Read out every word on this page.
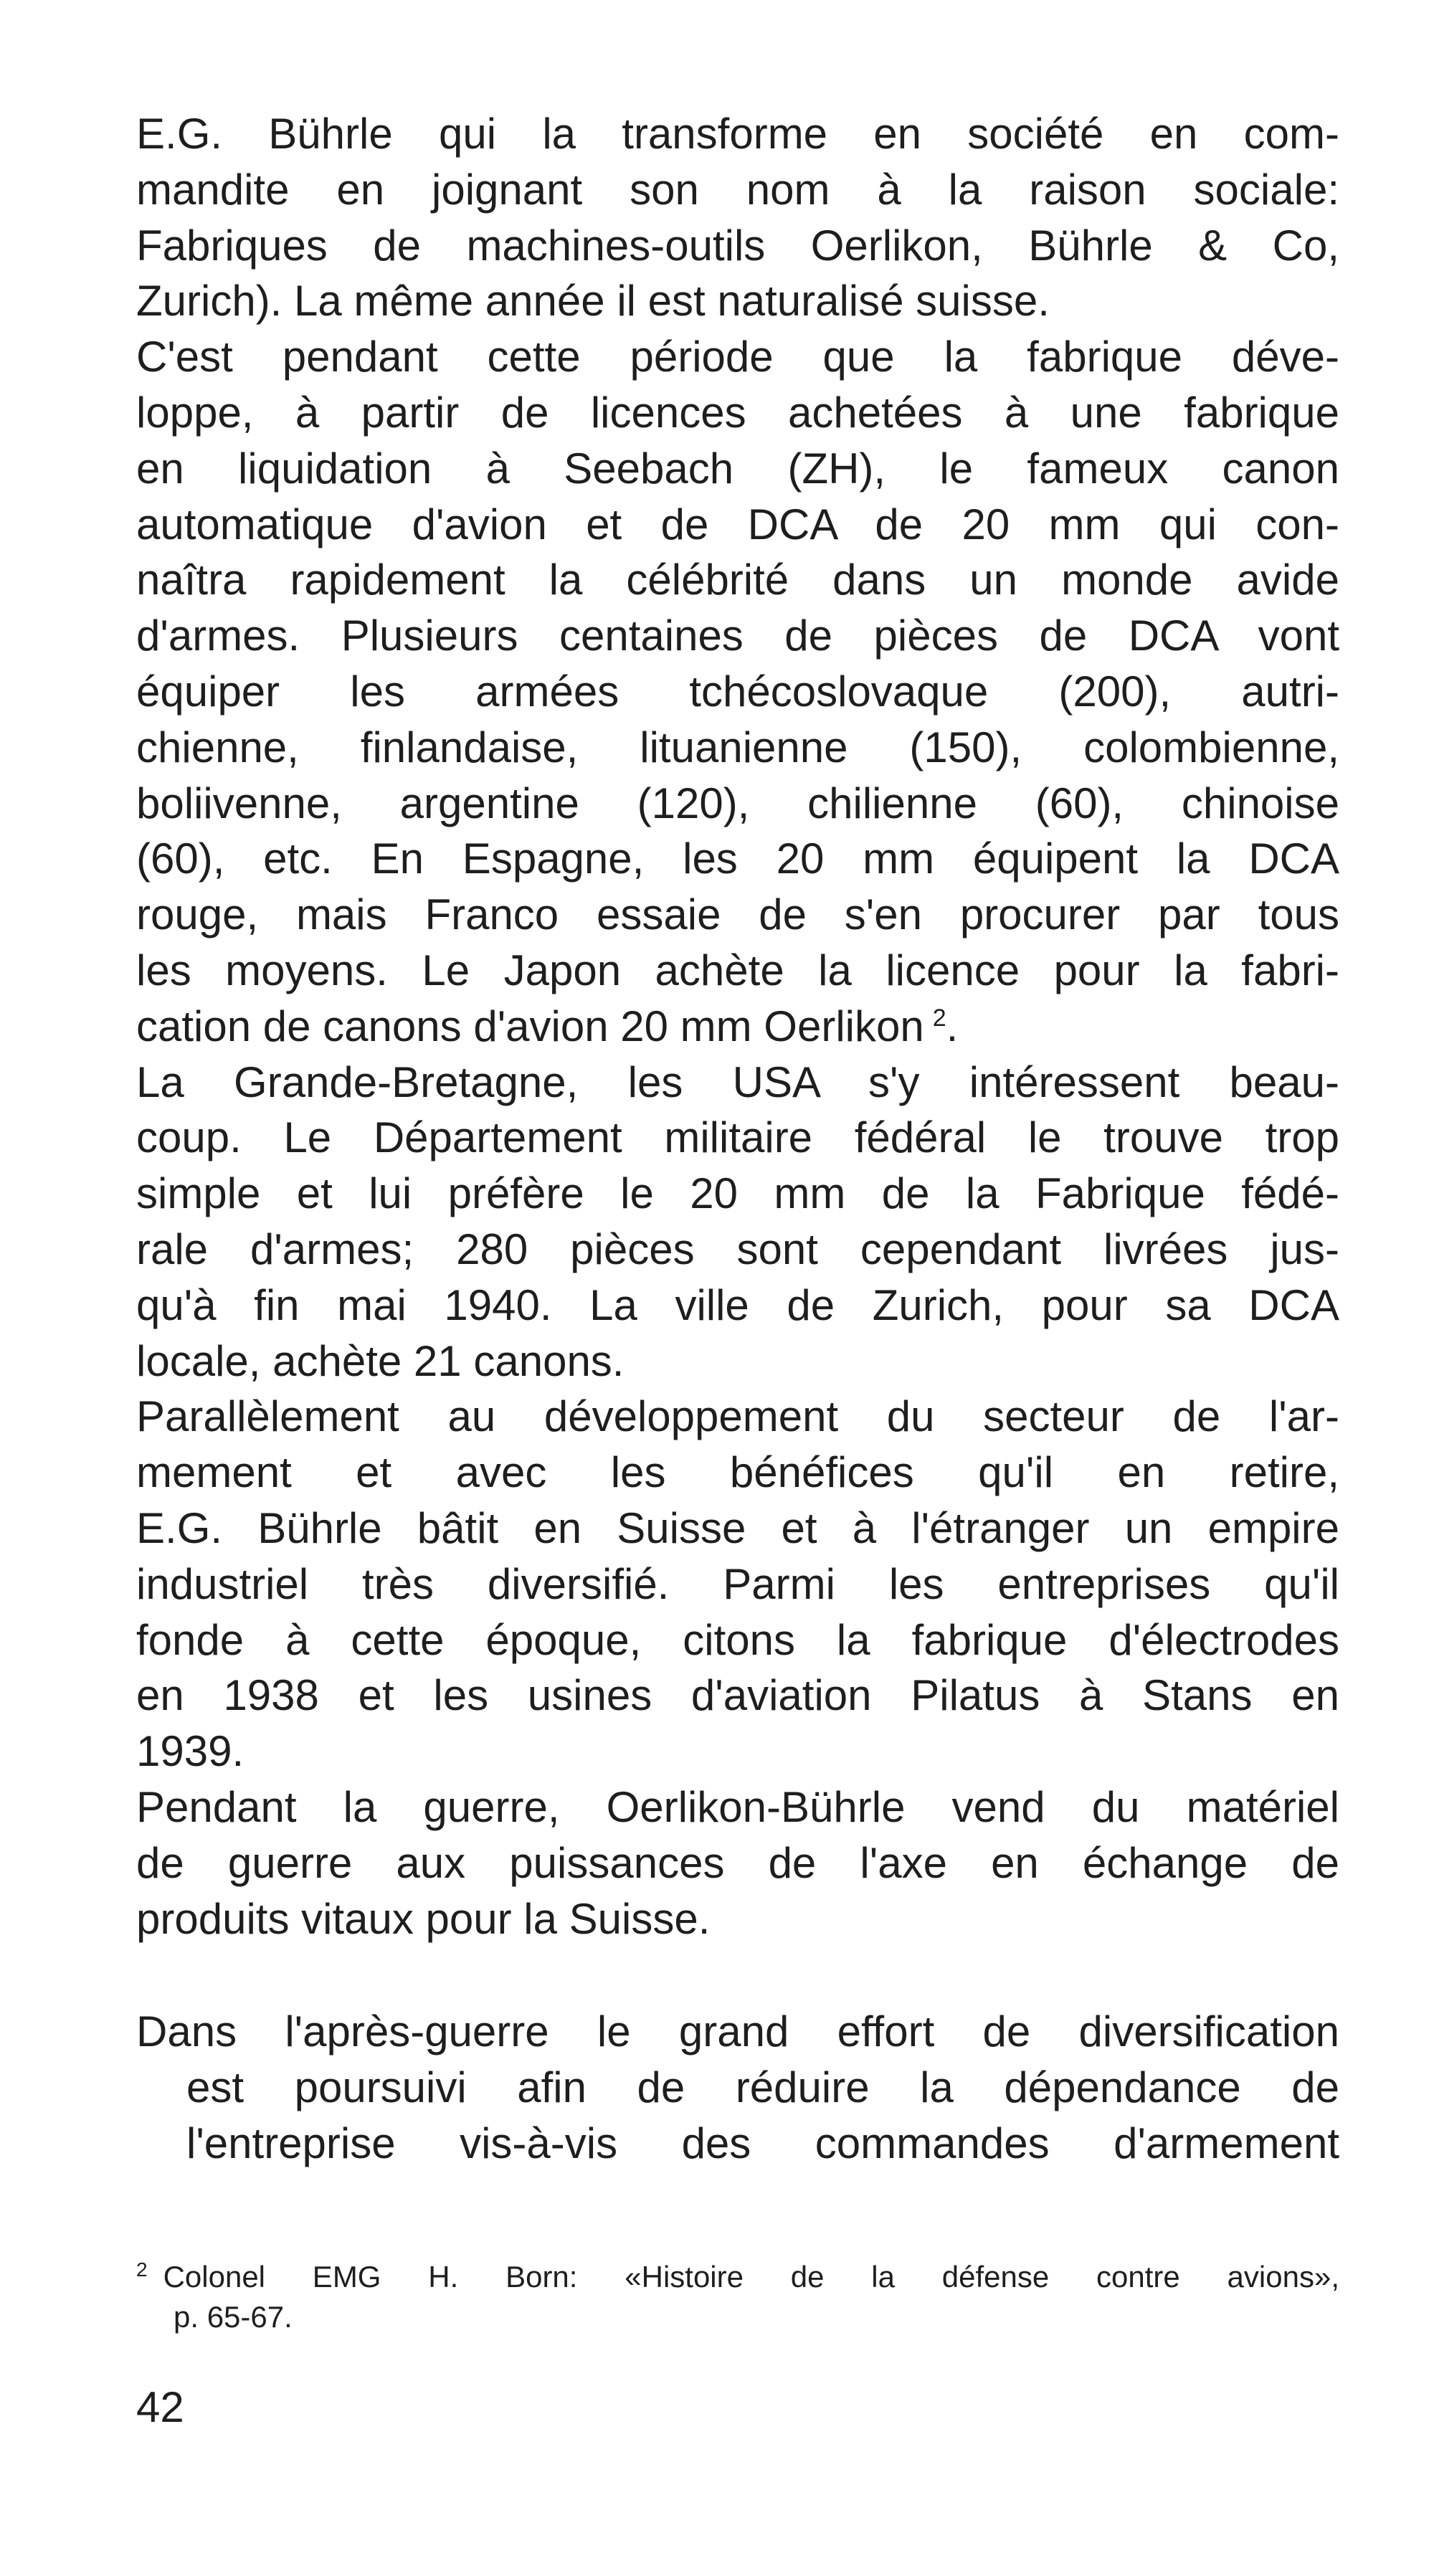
E.G. Bührle qui la transforme en société en com-
mandite en joignant son nom à la raison sociale:
Fabriques de machines-outils Oerlikon, Bührle & Co,
Zurich). La même année il est naturalisé suisse.
C'est pendant cette période que la fabrique déve-
loppe, à partir de licences achetées à une fabrique
en liquidation à Seebach (ZH), le fameux canon
automatique d'avion et de DCA de 20 mm qui con-
naîtra rapidement la célébrité dans un monde avide
d'armes. Plusieurs centaines de pièces de DCA vont
équiper les armées tchécoslovaque (200), autri-
chienne, finlandaise, lituanienne (150), colombienne,
boliivenne, argentine (120), chilienne (60), chinoise
(60), etc. En Espagne, les 20 mm équipent la DCA
rouge, mais Franco essaie de s'en procurer par tous
les moyens. Le Japon achète la licence pour la fabri-
cation de canons d'avion 20 mm Oerlikon  $^2$.
La Grande-Bretagne, les USA s'y intéressent beau-
coup. Le Département militaire fédéral le trouve trop
simple et lui préfère le 20 mm de la Fabrique fédé-
rale d'armes; 280 pièces sont cependant livrées jus-
qu'à fin mai 1940. La ville de Zurich, pour sa DCA
locale, achète 21 canons.
Parallèlement au développement du secteur de l'ar-
mement et avec les bénéfices qu'il en retire,
E.G. Bührle bâtit en Suisse et à l'étranger un empire
industriel très diversifié. Parmi les entreprises qu'il
fonde à cette époque, citons la fabrique d'électrodes
en 1938 et les usines d'aviation Pilatus à Stans en
1939.
Pendant la guerre, Oerlikon-Bührle vend du matériel
de guerre aux puissances de l'axe en échange de
produits vitaux pour la Suisse.
Dans l'après-guerre le grand effort de diversification
est poursuivi afin de réduire la dépendance de
l'entreprise vis-à-vis des commandes d'armement
$^2$ Colonel EMG H. Born: «Histoire de la défense contre avions»,
p. 65-67.
42
